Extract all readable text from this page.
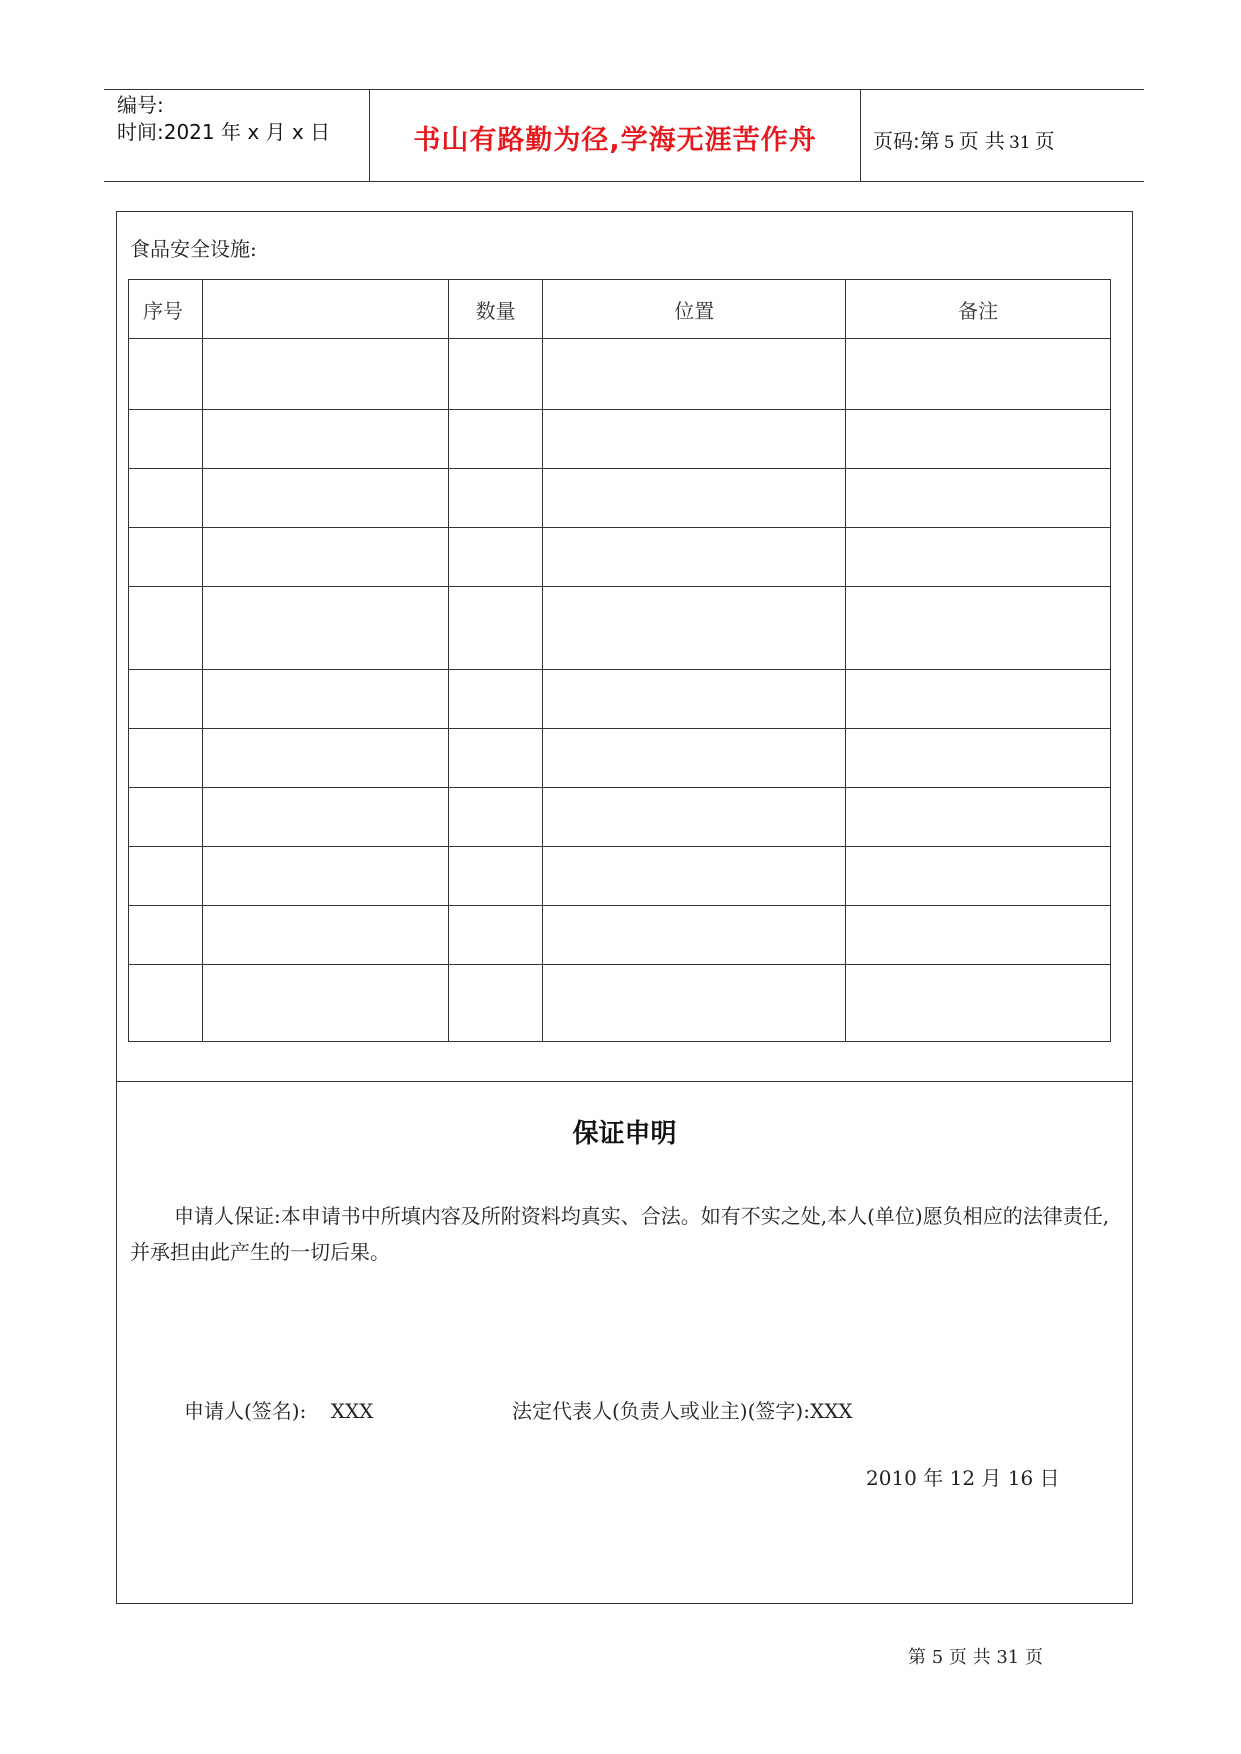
编号:
时间:2021 年 x 月 x 日	书山有路勤为径,学海无涯苦作舟	页码:第 5 页 共 31 页
食品安全设施:
序号		数量	位置	备注

保证申明
申请人保证:本申请书中所填内容及所附资料均真实、合法。如有不实之处,本人(单位)愿负相应的法律责任,并承担由此产生的一切后果。
申请人(签名): XXX	法定代表人(负责人或业主)(签字):XXX
2010 年 12 月 16 日
第 5 页 共 31 页
